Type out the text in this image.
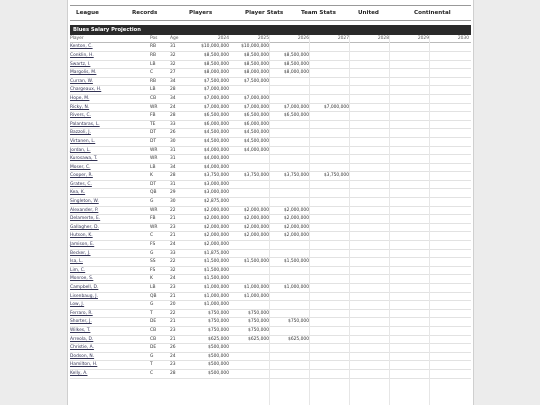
League	Records	Players	Player Stats	Team Stats	United	Continental
Blues Salary Projection
Player	Pos	Age	2024	2025	2026	2027	2028	2029	2030
Kenton, C.	RB	31	$10,000,000	$10,000,000
Conklin, H.	RB	32	$8,500,000	$8,500,000	$8,500,000
Swartz, I.	LB	32	$8,500,000	$8,500,000	$8,500,000
Margolis, M.	C	27	$8,000,000	$8,000,000	$8,000,000
Curran, W.	RB	34	$7,500,000	$7,500,000
Chargeaux, H.	LB	28	$7,000,000
Hope, M.	CB	34	$7,000,000	$7,000,000
Ricky, N.	WR	24	$7,000,000	$7,000,000	$7,000,000	$7,000,000
Rivers, C.	FB	28	$6,500,000	$6,500,000	$6,500,000
Palantaras, L.	TE	33	$6,000,000	$6,000,000
Bazzoli, J.	DT	26	$4,500,000	$4,500,000
Virtanen, L.	DT	30	$4,500,000	$4,500,000
Jordan, L.	WR	31	$4,000,000	$4,000,000
Kurosawa, T.	WR	31	$4,000,000
Moser, C.	LB	34	$4,000,000
Cooper, R.	K	28	$3,750,000	$3,750,000	$3,750,000	$3,750,000
Grates, C.	DT	31	$3,000,000
Kea, K.	QB	29	$3,000,000
Singleton, W.	G	30	$2,875,000
Alexander, P.	WR	22	$2,000,000	$2,000,000	$2,000,000
Delamerte, E.	FB	21	$2,000,000	$2,000,000	$2,000,000
Gallagher, D.	WR	23	$2,000,000	$2,000,000	$2,000,000
Hutson, K.	C	21	$2,000,000	$2,000,000	$2,000,000
Jamison, E.	FS	24	$2,000,000
Becker, J.	G	33	$1,875,000
Isa, L.	SS	22	$1,500,000	$1,500,000	$1,500,000
Lim, C.	FS	32	$1,500,000
Monroe, S.	K	24	$1,500,000
Campbell, D.	LB	23	$1,000,000	$1,000,000	$1,000,000
Lisenbaug, J.	QB	21	$1,000,000	$1,000,000
Low, J.	G	20	$1,000,000
Ferraro, R.	T	22	$750,000	$750,000
Shorter, J.	DE	21	$750,000	$750,000	$750,000
Wilkes, T.	CB	23	$750,000	$750,000
Arreola, D.	CB	21	$625,000	$625,000	$625,000
Christie, A.	DE	26	$500,000
Dodson, N.	G	24	$500,000
Hamilton, H.	T	23	$500,000
Kelly, A.	C	28	$500,000
